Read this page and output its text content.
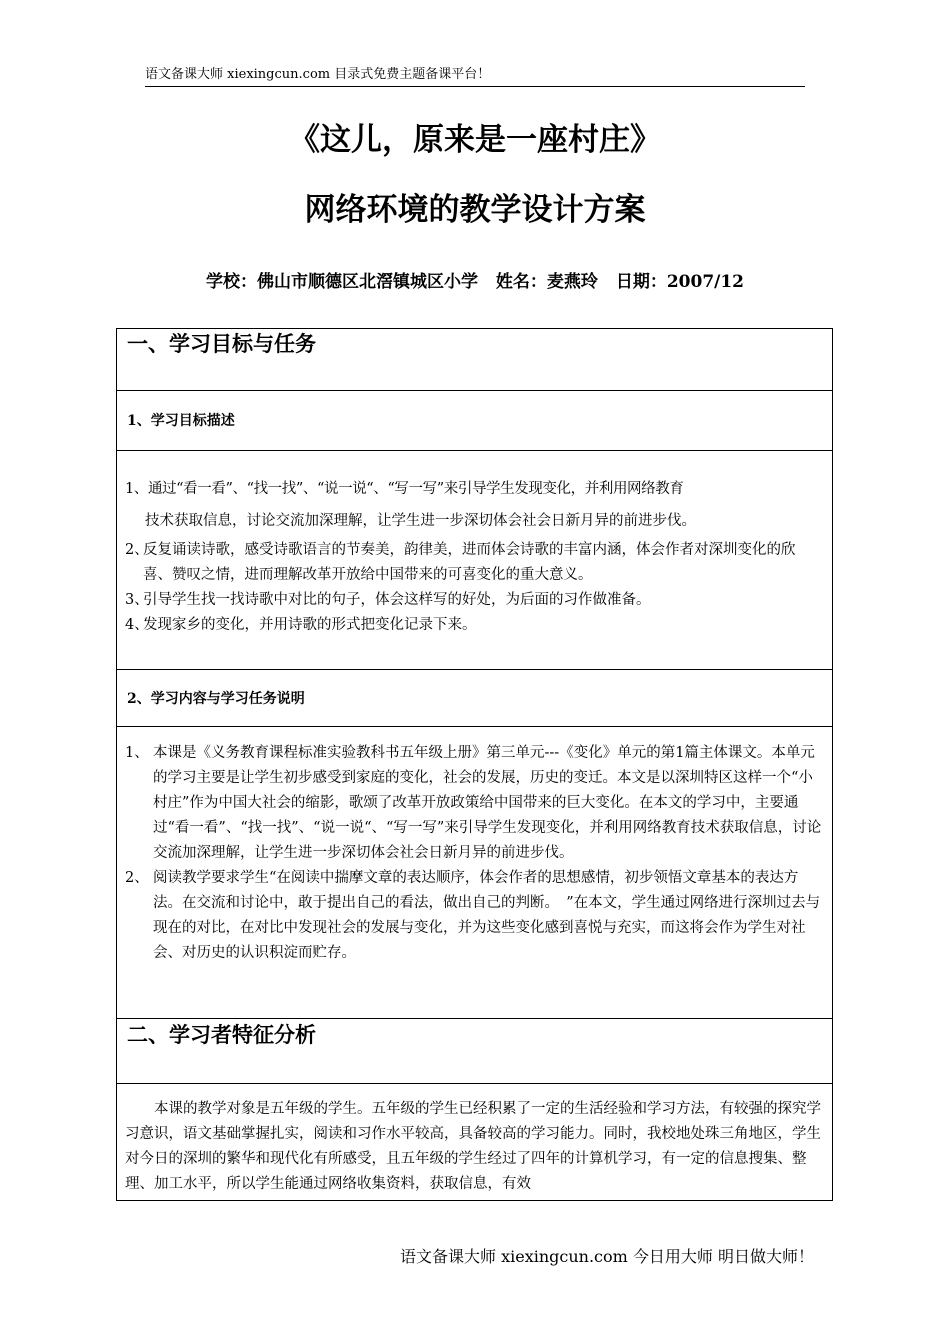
语文备课大师 xiexingcun.com 目录式免费主题备课平台！
《这儿，原来是一座村庄》
网络环境的教学设计方案
学校：佛山市顺德区北滘镇城区小学 姓名：麦燕玲 日期：2007/12
一、学习目标与任务
1、学习目标描述
1、通过“看一看”、“找一找”、“说一说“、“写一写”来引导学生发现变化，并利用网络教育
技术获取信息，讨论交流加深理解，让学生进一步深切体会社会日新月异的前进步伐。
2、
反复诵读诗歌，感受诗歌语言的节奏美，韵律美，进而体会诗歌的丰富内涵，体会作者对深圳变化的欣喜、赞叹之情，进而理解改革开放给中国带来的可喜变化的重大意义。
3、
引导学生找一找诗歌中对比的句子，体会这样写的好处，为后面的习作做准备。
4、
发现家乡的变化，并用诗歌的形式把变化记录下来。
2、学习内容与学习任务说明
1、 本课是《义务教育课程标准实验教科书五年级上册》第三单元---《变化》单元的第1篇主体课文。本单元的学习主要是让学生初步感受到家庭的变化，社会的发展，历史的变迁。本文是以深圳特区这样一个“小村庄”作为中国大社会的缩影，歌颂了改革开放政策给中国带来的巨大变化。在本文的学习中，主要通过“看一看”、“找一找”、“说一说“、“写一写”来引导学生发现变化，并利用网络教育技术获取信息，讨论交流加深理解，让学生进一步深切体会社会日新月异的前进步伐。
2、 阅读教学要求学生“在阅读中揣摩文章的表达顺序，体会作者的思想感情，初步领悟文章基本的表达方法。在交流和讨论中，敢于提出自己的看法，做出自己的判断。　”在本文，学生通过网络进行深圳过去与现在的对比，在对比中发现社会的发展与变化，并为这些变化感到喜悦与充实，而这将会作为学生对社会、对历史的认识积淀而贮存。
二、学习者特征分析
本课的教学对象是五年级的学生。五年级的学生已经积累了一定的生活经验和学习方法，有较强的探究学习意识，语文基础掌握扎实，阅读和习作水平较高，具备较高的学习能力。同时，我校地处珠三角地区，学生对今日的深圳的繁华和现代化有所感受，且五年级的学生经过了四年的计算机学习，有一定的信息搜集、整理、加工水平，所以学生能通过网络收集资料，获取信息，有效
语文备课大师 xiexingcun.com 今日用大师 明日做大师！
